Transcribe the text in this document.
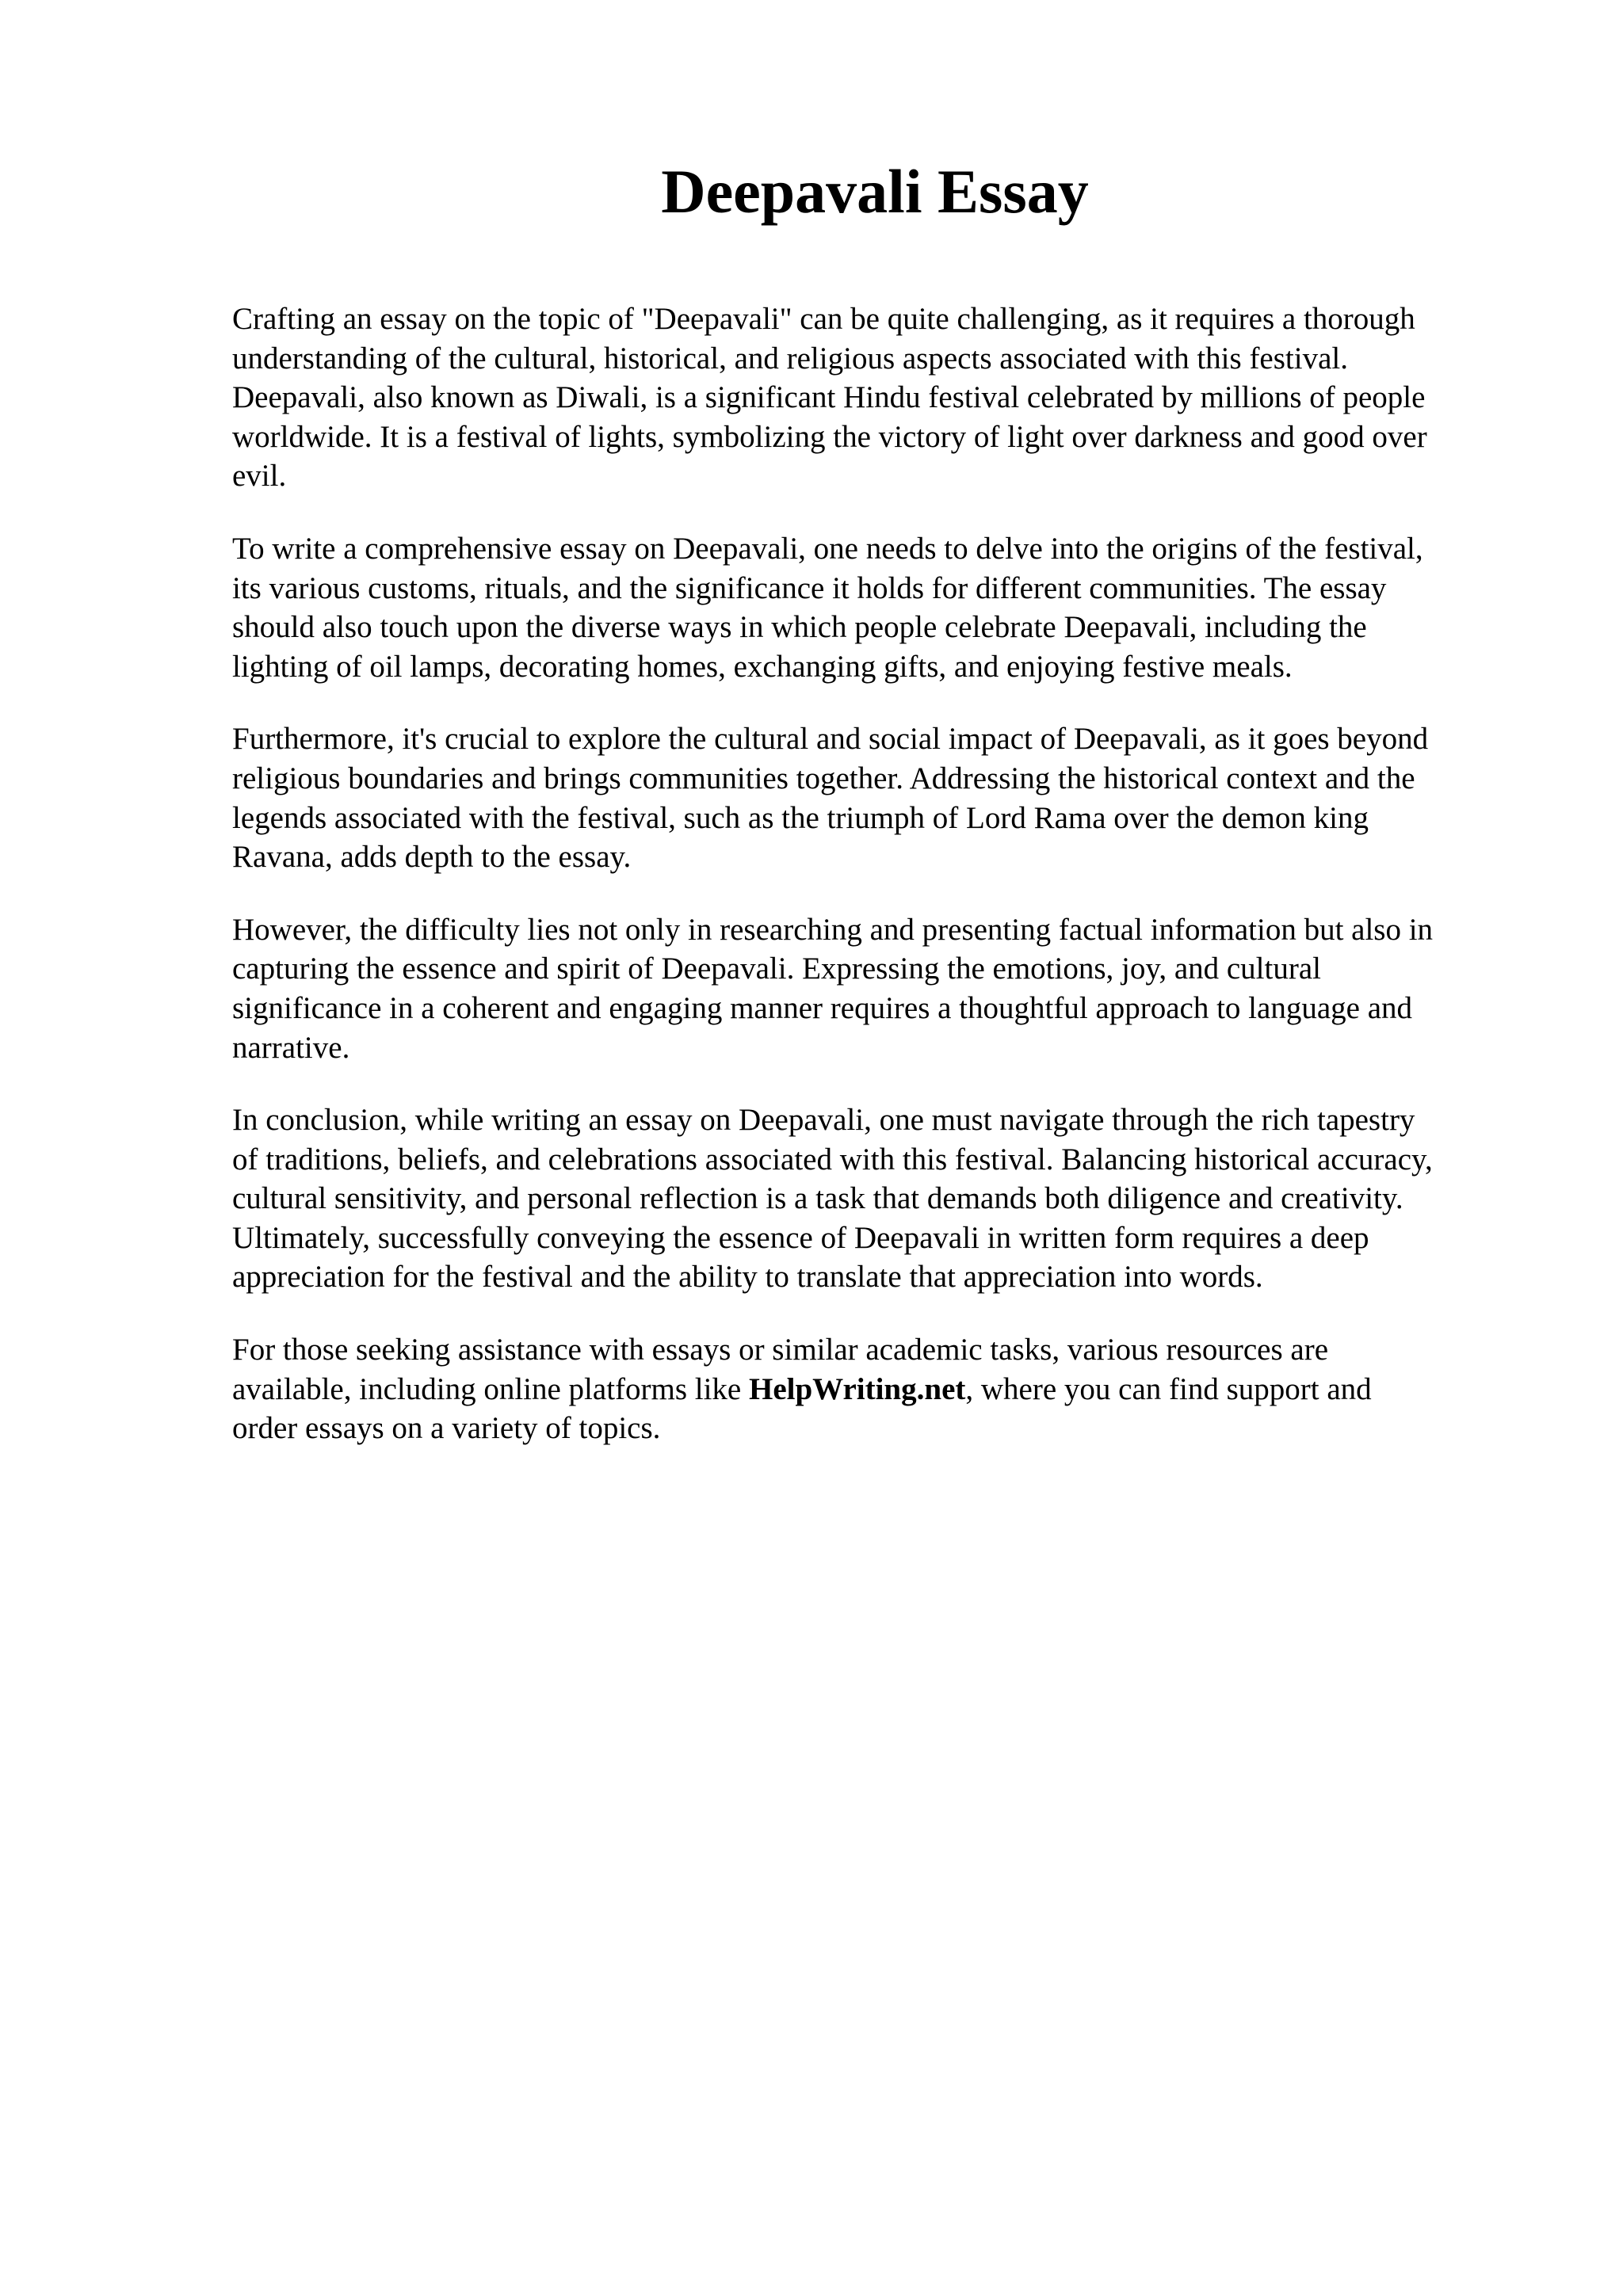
Deepavali Essay

Crafting an essay on the topic of "Deepavali" can be quite challenging, as it requires a thorough
understanding of the cultural, historical, and religious aspects associated with this festival.
Deepavali, also known as Diwali, is a significant Hindu festival celebrated by millions of people
worldwide. It is a festival of lights, symbolizing the victory of light over darkness and good over
evil.

To write a comprehensive essay on Deepavali, one needs to delve into the origins of the festival,
its various customs, rituals, and the significance it holds for different communities. The essay
should also touch upon the diverse ways in which people celebrate Deepavali, including the
lighting of oil lamps, decorating homes, exchanging gifts, and enjoying festive meals.

Furthermore, it's crucial to explore the cultural and social impact of Deepavali, as it goes beyond
religious boundaries and brings communities together. Addressing the historical context and the
legends associated with the festival, such as the triumph of Lord Rama over the demon king
Ravana, adds depth to the essay.

However, the difficulty lies not only in researching and presenting factual information but also in
capturing the essence and spirit of Deepavali. Expressing the emotions, joy, and cultural
significance in a coherent and engaging manner requires a thoughtful approach to language and
narrative.

In conclusion, while writing an essay on Deepavali, one must navigate through the rich tapestry
of traditions, beliefs, and celebrations associated with this festival. Balancing historical accuracy,
cultural sensitivity, and personal reflection is a task that demands both diligence and creativity.
Ultimately, successfully conveying the essence of Deepavali in written form requires a deep
appreciation for the festival and the ability to translate that appreciation into words.

For those seeking assistance with essays or similar academic tasks, various resources are
available, including online platforms like HelpWriting.net, where you can find support and
order essays on a variety of topics.
